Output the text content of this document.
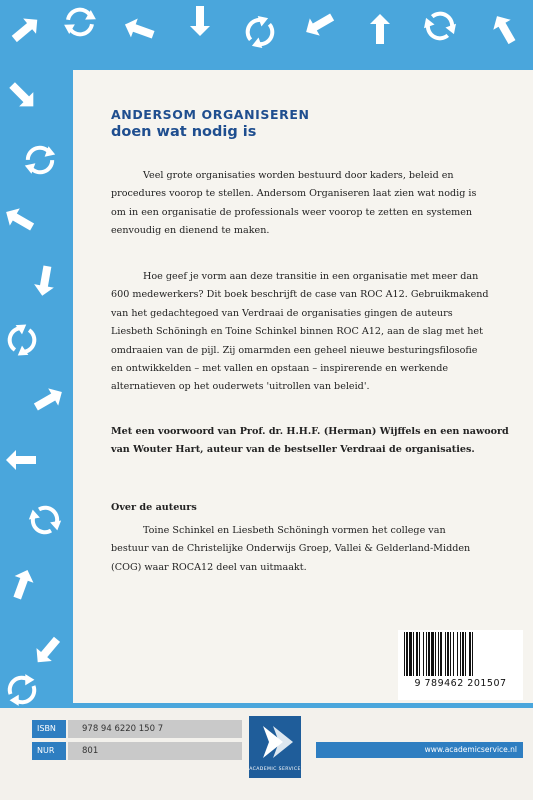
ANDERSOM ORGANISEREN
doen wat nodig is
Veel grote organisaties worden bestuurd door kaders, beleid en
procedures voorop te stellen. Andersom Organiseren laat zien wat nodig is
om in een organisatie de professionals weer voorop te zetten en systemen
eenvoudig en dienend te maken.
Hoe geef je vorm aan deze transitie in een organisatie met meer dan
600 medewerkers? Dit boek beschrijft de case van ROC A12. Gebruikmakend
van het gedachtegoed van Verdraai de organisaties gingen de auteurs
Liesbeth Schöningh en Toine Schinkel binnen ROC A12, aan de slag met het
omdraaien van de pijl. Zij omarmden een geheel nieuwe besturingsfilosofie
en ontwikkelden – met vallen en opstaan – inspirerende en werkende
alternatieven op het ouderwets 'uitrollen van beleid'.
Met een voorwoord van Prof. dr. H.H.F. (Herman) Wijffels en een nawoord
van Wouter Hart, auteur van de bestseller Verdraai de organisaties.
Over de auteurs
Toine Schinkel en Liesbeth Schöningh vormen het college van
bestuur van de Christelijke Onderwijs Groep, Vallei & Gelderland-Midden
(COG) waar ROCA12 deel van uitmaakt.
9 789462 201507
ISBN	978 94 6220 150 7
NUR	801
ACADEMIC SERVICE
www.academicservice.nl
